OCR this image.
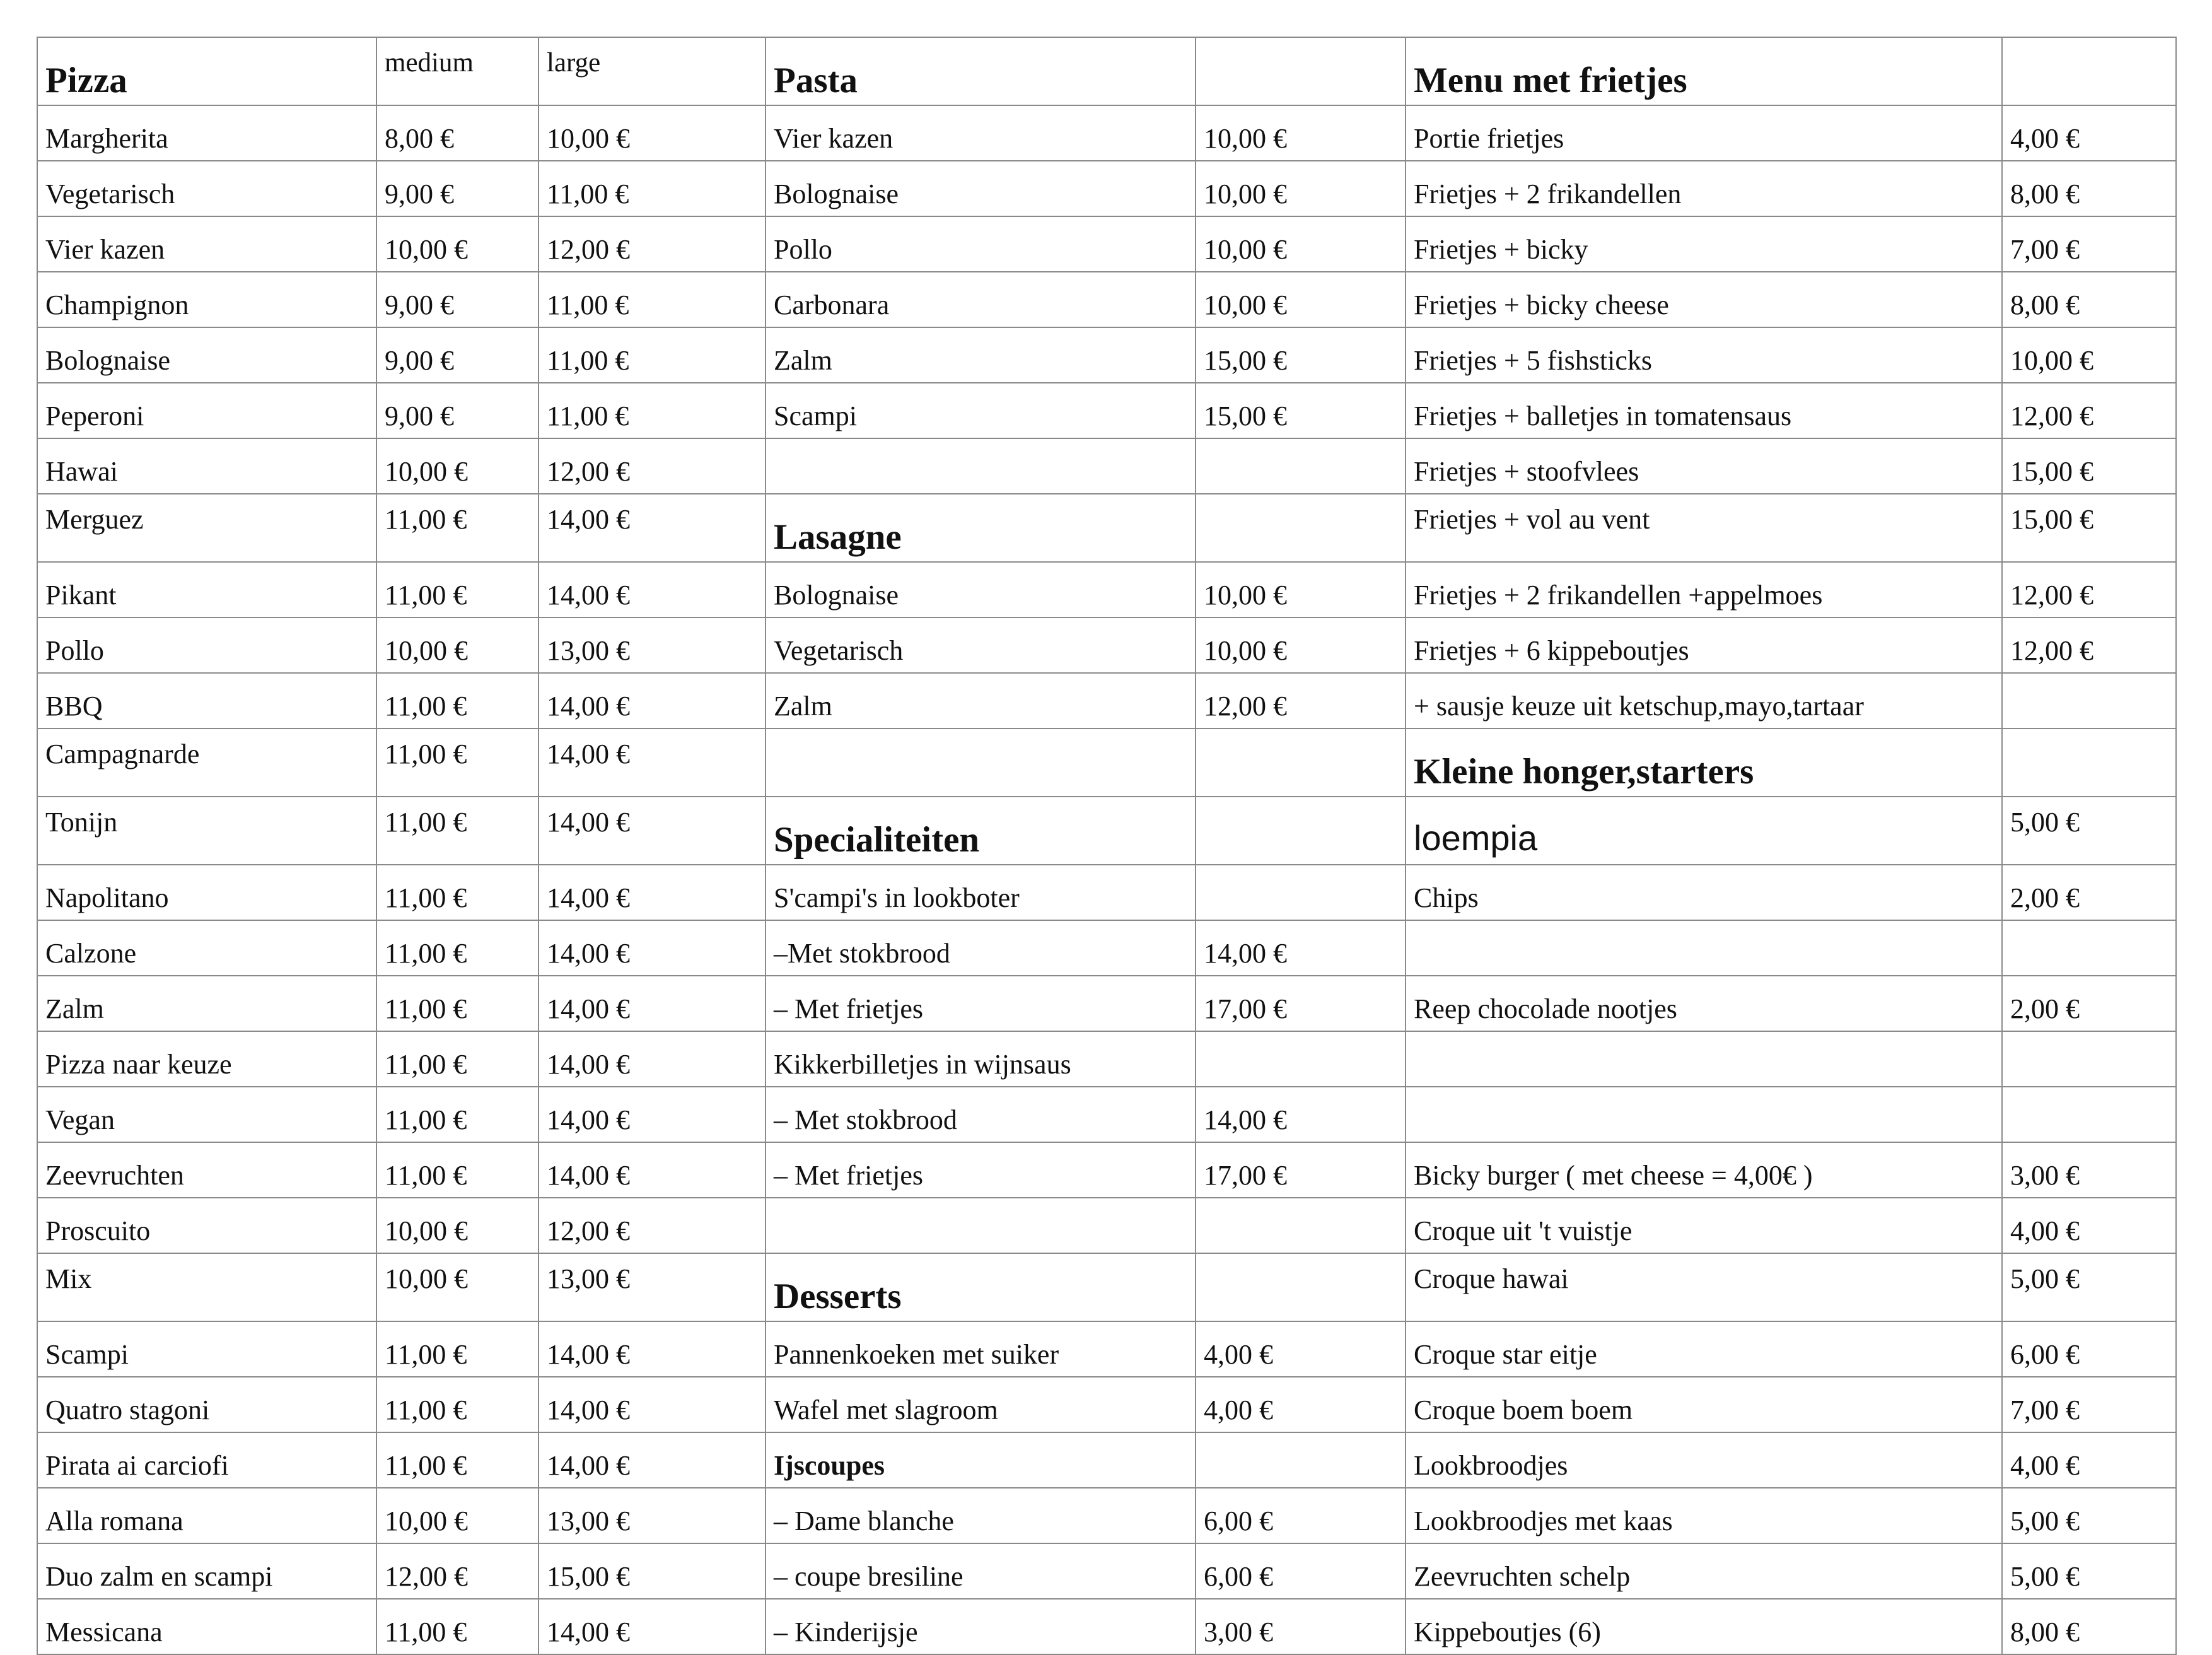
Pizza	medium	large	Pasta		Menu met frietjes	
Margherita	8,00 €	10,00 €	Vier kazen	10,00 €	Portie frietjes	4,00 €
Vegetarisch	9,00 €	11,00 €	Bolognaise	10,00 €	Frietjes + 2 frikandellen	8,00 €
Vier kazen	10,00 €	12,00 €	Pollo	10,00 €	Frietjes + bicky	7,00 €
Champignon	9,00 €	11,00 €	Carbonara	10,00 €	Frietjes + bicky cheese	8,00 €
Bolognaise	9,00 €	11,00 €	Zalm	15,00 €	Frietjes + 5 fishsticks	10,00 €
Peperoni	9,00 €	11,00 €	Scampi	15,00 €	Frietjes + balletjes in tomatensaus	12,00 €
Hawai	10,00 €	12,00 €			Frietjes + stoofvlees	15,00 €
Merguez	11,00 €	14,00 €	Lasagne		Frietjes + vol au vent	15,00 €
Pikant	11,00 €	14,00 €	Bolognaise	10,00 €	Frietjes + 2 frikandellen +appelmoes	12,00 €
Pollo	10,00 €	13,00 €	Vegetarisch	10,00 €	Frietjes + 6 kippeboutjes	12,00 €
BBQ	11,00 €	14,00 €	Zalm	12,00 €	+ sausje keuze uit ketschup,mayo,tartaar	
Campagnarde	11,00 €	14,00 €			Kleine honger,starters	
Tonijn	11,00 €	14,00 €	Specialiteiten		loempia	5,00 €
Napolitano	11,00 €	14,00 €	S'campi's in lookboter		Chips	2,00 €
Calzone	11,00 €	14,00 €	–Met stokbrood	14,00 €		
Zalm	11,00 €	14,00 €	– Met frietjes	17,00 €	Reep chocolade nootjes	2,00 €
Pizza naar keuze	11,00 €	14,00 €	Kikkerbilletjes in wijnsaus			
Vegan	11,00 €	14,00 €	– Met stokbrood	14,00 €		
Zeevruchten	11,00 €	14,00 €	– Met frietjes	17,00 €	Bicky burger ( met cheese = 4,00€ )	3,00 €
Proscuito	10,00 €	12,00 €			Croque uit 't vuistje	4,00 €
Mix	10,00 €	13,00 €	Desserts		Croque hawai	5,00 €
Scampi	11,00 €	14,00 €	Pannenkoeken met suiker	4,00 €	Croque star eitje	6,00 €
Quatro stagoni	11,00 €	14,00 €	Wafel met slagroom	4,00 €	Croque boem boem	7,00 €
Pirata ai carciofi	11,00 €	14,00 €	Ijscoupes		Lookbroodjes	4,00 €
Alla romana	10,00 €	13,00 €	– Dame blanche	6,00 €	Lookbroodjes met kaas	5,00 €
Duo zalm en scampi	12,00 €	15,00 €	– coupe bresiline	6,00 €	Zeevruchten schelp	5,00 €
Messicana	11,00 €	14,00 €	– Kinderijsje	3,00 €	Kippeboutjes (6)	8,00 €
